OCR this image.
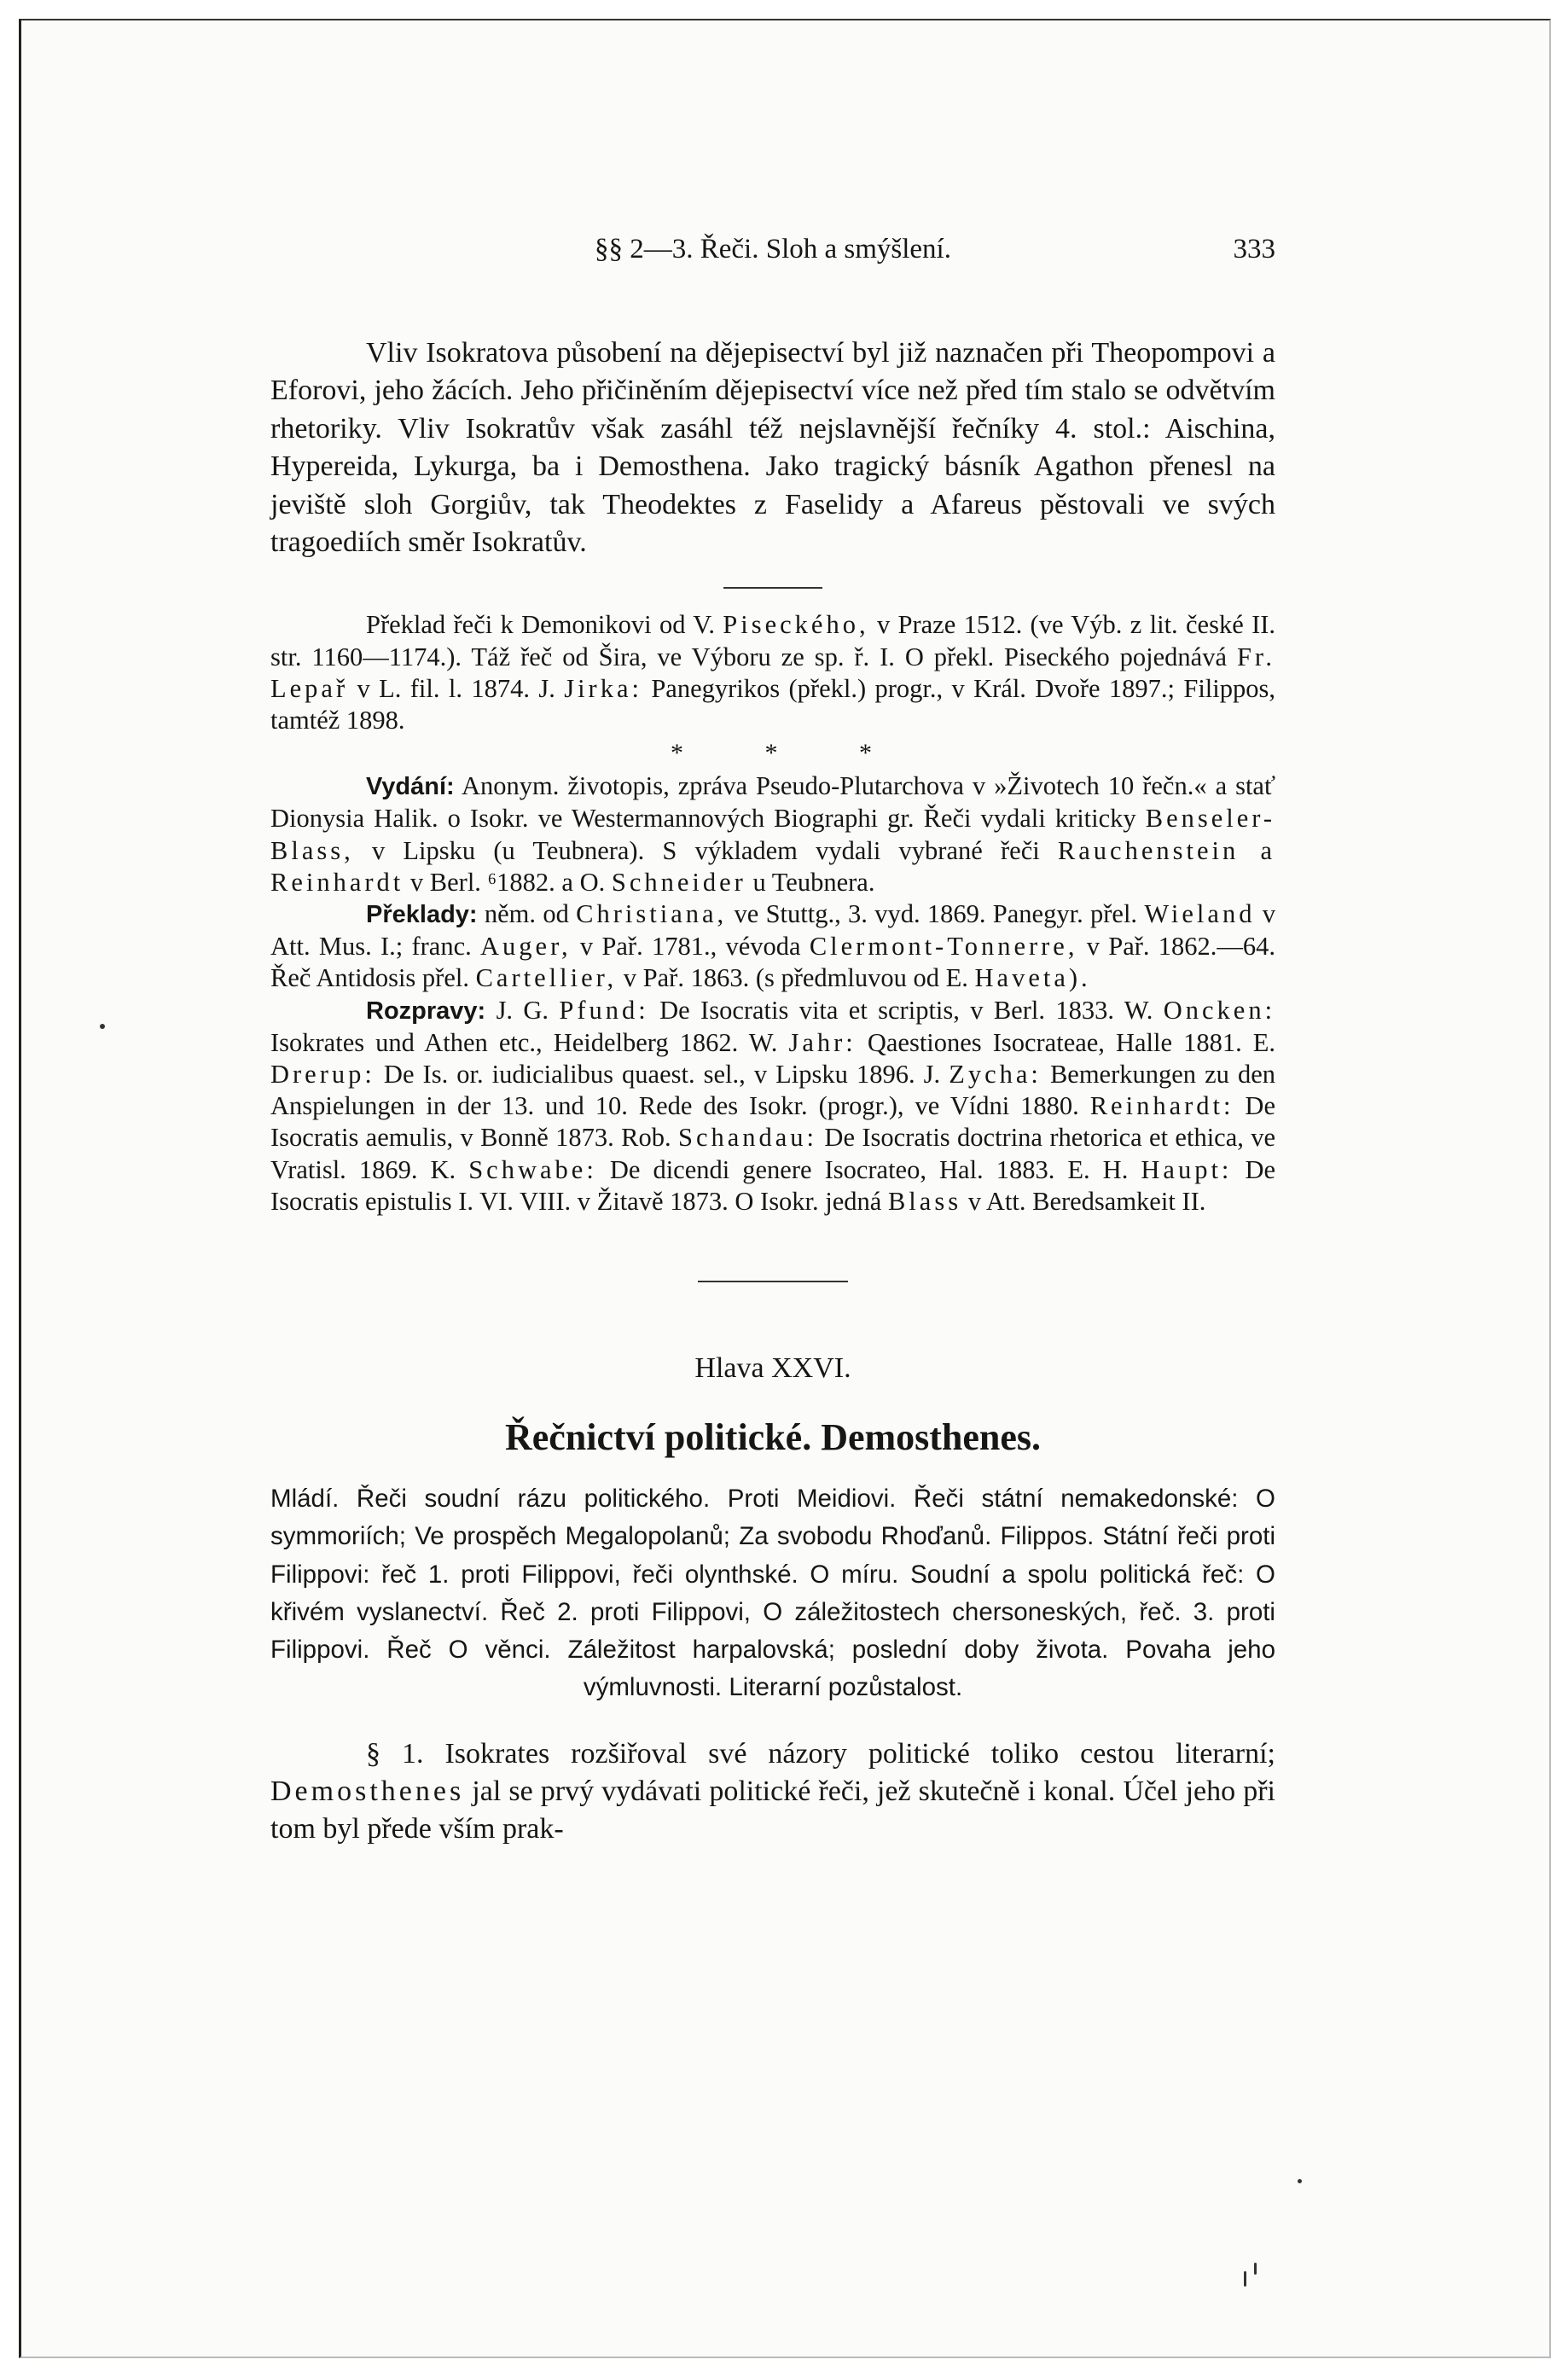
§§ 2—3. Řeči. Sloh a smýšlení.	333

Vliv Isokratova působení na dějepisectví byl již naznačen při Theopompovi a Eforovi, jeho žácích. Jeho přičiněním dějepisectví více než před tím stalo se odvětvím rhetoriky. Vliv Isokratův však zasáhl též nejslavnější řečníky 4. stol.: Aischina, Hypereida, Lykurga, ba i Demosthena. Jako tragický básník Agathon přenesl na jeviště sloh Gorgiův, tak Theodektes z Faselidy a Afareus pěstovali ve svých tragoediích směr Isokratův.

Překlad řeči k Demonikovi od V. Piseckého, v Praze 1512. (ve Výb. z lit. české II. str. 1160—1174.). Táž řeč od Šira, ve Výboru ze sp. ř. I. O překl. Piseckého pojednává Fr. Lepař v L. fil. l. 1874. J. Jirka: Panegyrikos (překl.) progr., v Král. Dvoře 1897.; Filippos, tamtéž 1898.

* * *

Vydání: Anonym. životopis, zpráva Pseudo-Plutarchova v »Životech 10 řečn.« a stať Dionysia Halik. o Isokr. ve Westermannových Biographi gr. Řeči vydali kriticky Benseler-Blass, v Lipsku (u Teubnera). S výkladem vydali vybrané řeči Rauchenstein a Reinhardt v Berl. ⁶1882. a O. Schneider u Teubnera.

Překlady: něm. od Christiana, ve Stuttg., 3. vyd. 1869. Panegyr. přel. Wieland v Att. Mus. I.; franc. Auger, v Pař. 1781., vévoda Clermont-Tonnerre, v Pař. 1862.—64. Řeč Antidosis přel. Cartellier, v Pař. 1863. (s předmluvou od E. Haveta).

Rozpravy: J. G. Pfund: De Isocratis vita et scriptis, v Berl. 1833. W. Oncken: Isokrates und Athen etc., Heidelberg 1862. W. Jahr: Qaestiones Isocrateae, Halle 1881. E. Drerup: De Is. or. iudicialibus quaest. sel., v Lipsku 1896. J. Zycha: Bemerkungen zu den Anspielungen in der 13. und 10. Rede des Isokr. (progr.), ve Vídni 1880. Reinhardt: De Isocratis aemulis, v Bonně 1873. Rob. Schandau: De Isocratis doctrina rhetorica et ethica, ve Vratisl. 1869. K. Schwabe: De dicendi genere Isocrateo, Hal. 1883. E. H. Haupt: De Isocratis epistulis I. VI. VIII. v Žitavě 1873. O Isokr. jedná Blass v Att. Beredsamkeit II.

Hlava XXVI.
Řečnictví politické. Demosthenes.

Mládí. Řeči soudní rázu politického. Proti Meidiovi. Řeči státní nemakedonské: O symmoriích; Ve prospěch Megalopolanů; Za svobodu Rhoďanů. Filippos. Státní řeči proti Filippovi: řeč 1. proti Filippovi, řeči olynthské. O míru. Soudní a spolu politická řeč: O křivém vyslanectví. Řeč 2. proti Filippovi, O záležitostech chersoneských, řeč. 3. proti Filippovi. Řeč O věnci. Záležitost harpalovská; poslední doby života. Povaha jeho výmluvnosti. Literarní pozůstalost.

§ 1. Isokrates rozšiřoval své názory politické toliko cestou literarní; Demosthenes jal se prvý vydávati politické řeči, jež skutečně i konal. Účel jeho při tom byl přede vším prak-
